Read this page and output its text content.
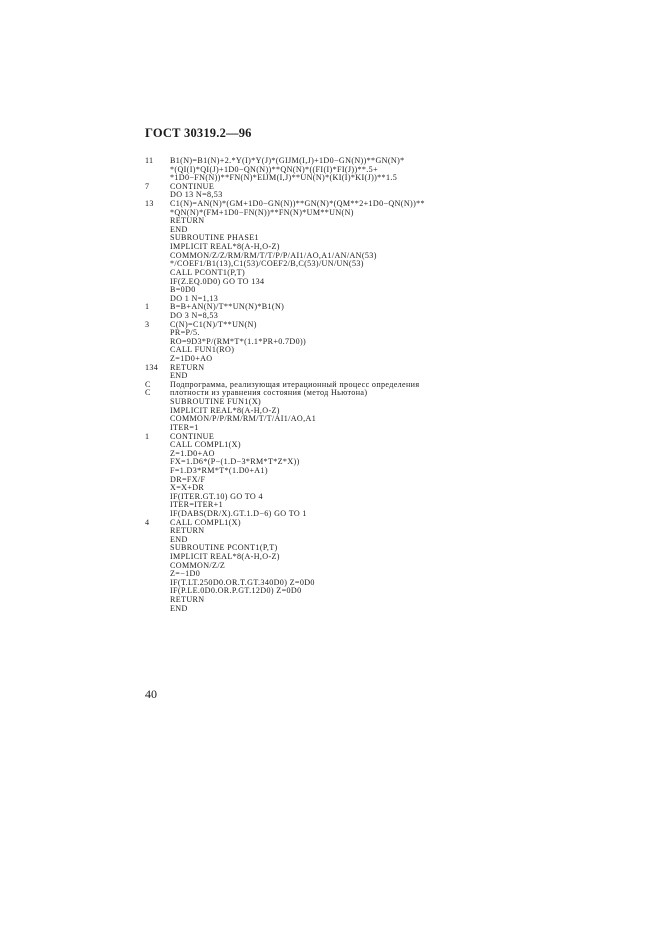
ГОСТ 30319.2—96
11	B1(N)=B1(N)+2.*Y(I)*Y(J)*(GIJM(I,J)+1D0−GN(N))**GN(N)*
*(QI(I)*QI(J)+1D0−QN(N))**QN(N)*((FI(I)*FI(J))**.5+
*1D0−FN(N))**FN(N)*EIJM(I,J)**UN(N)*(KI(I)*KI(J))**1.5
7	CONTINUE
DO 13 N=8,53
13	C1(N)=AN(N)*(GM+1D0−GN(N))**GN(N)*(QM**2+1D0−QN(N))**
*QN(N)*(FM+1D0−FN(N))**FN(N)*UM**UN(N)
RETURN
END
SUBROUTINE PHASE1
IMPLICIT REAL*8(A-H,O-Z)
COMMON/Z/Z/RM/RM/T/T/P/P/AI1/AO,A1/AN/AN(53)
*/COEF1/B1(13),C1(53)/COEF2/B,C(53)/UN/UN(53)
CALL PCONT1(P,T)
IF(Z.EQ.0D0) GO TO 134
B=0D0
DO 1 N=1,13
1	B=B+AN(N)/T**UN(N)*B1(N)
DO 3 N=8,53
3	C(N)=C1(N)/T**UN(N)
PR=P/5.
RO=9D3*P/(RM*T*(1.1*PR+0.7D0))
CALL FUN1(RO)
Z=1D0+AO
134	RETURN
END
C	Подпрограмма, реализующая итерационный процесс определения
C	плотности из уравнения состояния (метод Ньютона)
SUBROUTINE FUN1(X)
IMPLICIT REAL*8(A-H,O-Z)
COMMON/P/P/RM/RM/T/T/AI1/AO,A1
ITER=1
1	CONTINUE
CALL COMPL1(X)
Z=1.D0+AO
FX=1.D6*(P−(1.D−3*RM*T*Z*X))
F=1.D3*RM*T*(1.D0+A1)
DR=FX/F
X=X+DR
IF(ITER.GT.10) GO TO 4
ITER=ITER+1
IF(DABS(DR/X).GT.1.D−6) GO TO 1
4	CALL COMPL1(X)
RETURN
END
SUBROUTINE PCONT1(P,T)
IMPLICIT REAL*8(A-H,O-Z)
COMMON/Z/Z
Z=−1D0
IF(T.LT.250D0.OR.T.GT.340D0) Z=0D0
IF(P.LE.0D0.OR.P.GT.12D0) Z=0D0
RETURN
END
40
